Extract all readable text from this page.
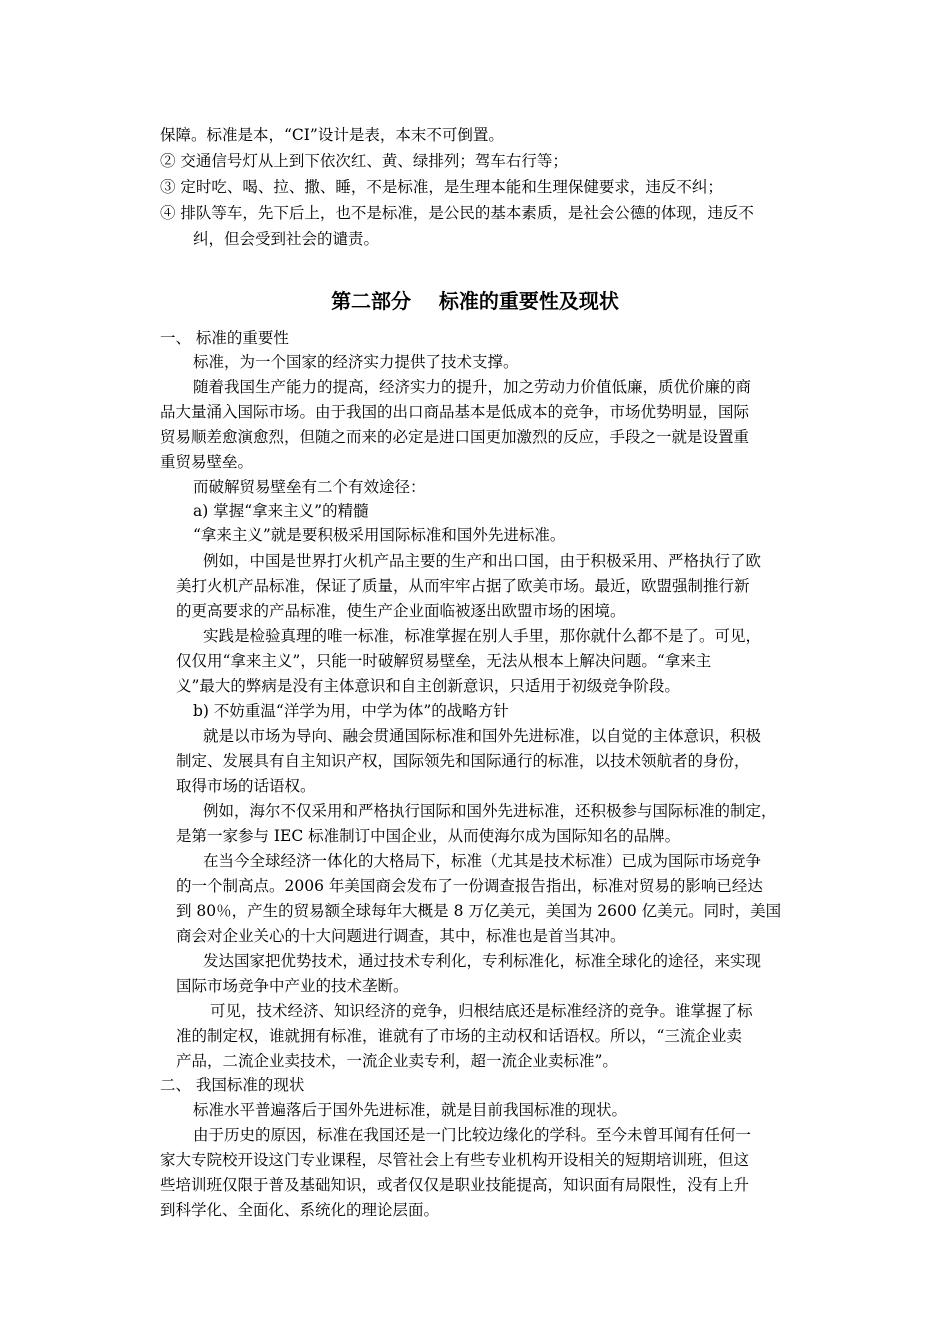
保障。标准是本，“CI”设计是表，本末不可倒置。
② 交通信号灯从上到下依次红、黄、绿排列；驾车右行等；
③ 定时吃、喝、拉、撒、睡，不是标准，是生理本能和生理保健要求，违反不纠；
④ 排队等车，先下后上，也不是标准，是公民的基本素质，是社会公德的体现，违反不
纠，但会受到社会的谴责。
第二部分    标准的重要性及现状
一、 标准的重要性
标准，为一个国家的经济实力提供了技术支撑。
随着我国生产能力的提高，经济实力的提升，加之劳动力价值低廉，质优价廉的商
品大量涌入国际市场。由于我国的出口商品基本是低成本的竞争，市场优势明显，国际
贸易顺差愈演愈烈，但随之而来的必定是进口国更加激烈的反应，手段之一就是设置重
重贸易壁垒。
而破解贸易壁垒有二个有效途径：
a) 掌握“拿来主义”的精髓
“拿来主义”就是要积极采用国际标准和国外先进标准。
例如，中国是世界打火机产品主要的生产和出口国，由于积极采用、严格执行了欧
美打火机产品标准，保证了质量，从而牢牢占据了欧美市场。最近，欧盟强制推行新
的更高要求的产品标准，使生产企业面临被逐出欧盟市场的困境。
实践是检验真理的唯一标准，标准掌握在别人手里，那你就什么都不是了。可见，
仅仅用“拿来主义”，只能一时破解贸易壁垒，无法从根本上解决问题。“拿来主
义”最大的弊病是没有主体意识和自主创新意识，只适用于初级竞争阶段。
b) 不妨重温“洋学为用，中学为体”的战略方针
就是以市场为导向、融会贯通国际标准和国外先进标准，以自觉的主体意识，积极
制定、发展具有自主知识产权，国际领先和国际通行的标准，以技术领航者的身份，
取得市场的话语权。
例如，海尔不仅采用和严格执行国际和国外先进标准，还积极参与国际标准的制定，
是第一家参与 IEC 标准制订中国企业，从而使海尔成为国际知名的品牌。
在当今全球经济一体化的大格局下，标准（尤其是技术标准）已成为国际市场竞争
的一个制高点。2006 年美国商会发布了一份调查报告指出，标准对贸易的影响已经达
到 80％，产生的贸易额全球每年大概是 8 万亿美元，美国为 2600 亿美元。同时，美国
商会对企业关心的十大问题进行调查，其中，标准也是首当其冲。
发达国家把优势技术，通过技术专利化，专利标准化，标准全球化的途径，来实现
国际市场竞争中产业的技术垄断。
可见，技术经济、知识经济的竞争，归根结底还是标准经济的竞争。谁掌握了标
准的制定权，谁就拥有标准，谁就有了市场的主动权和话语权。所以，“三流企业卖
产品，二流企业卖技术，一流企业卖专利，超一流企业卖标准”。
二、 我国标准的现状
标准水平普遍落后于国外先进标准，就是目前我国标准的现状。
由于历史的原因，标准在我国还是一门比较边缘化的学科。至今未曾耳闻有任何一
家大专院校开设这门专业课程，尽管社会上有些专业机构开设相关的短期培训班，但这
些培训班仅限于普及基础知识，或者仅仅是职业技能提高，知识面有局限性，没有上升
到科学化、全面化、系统化的理论层面。
